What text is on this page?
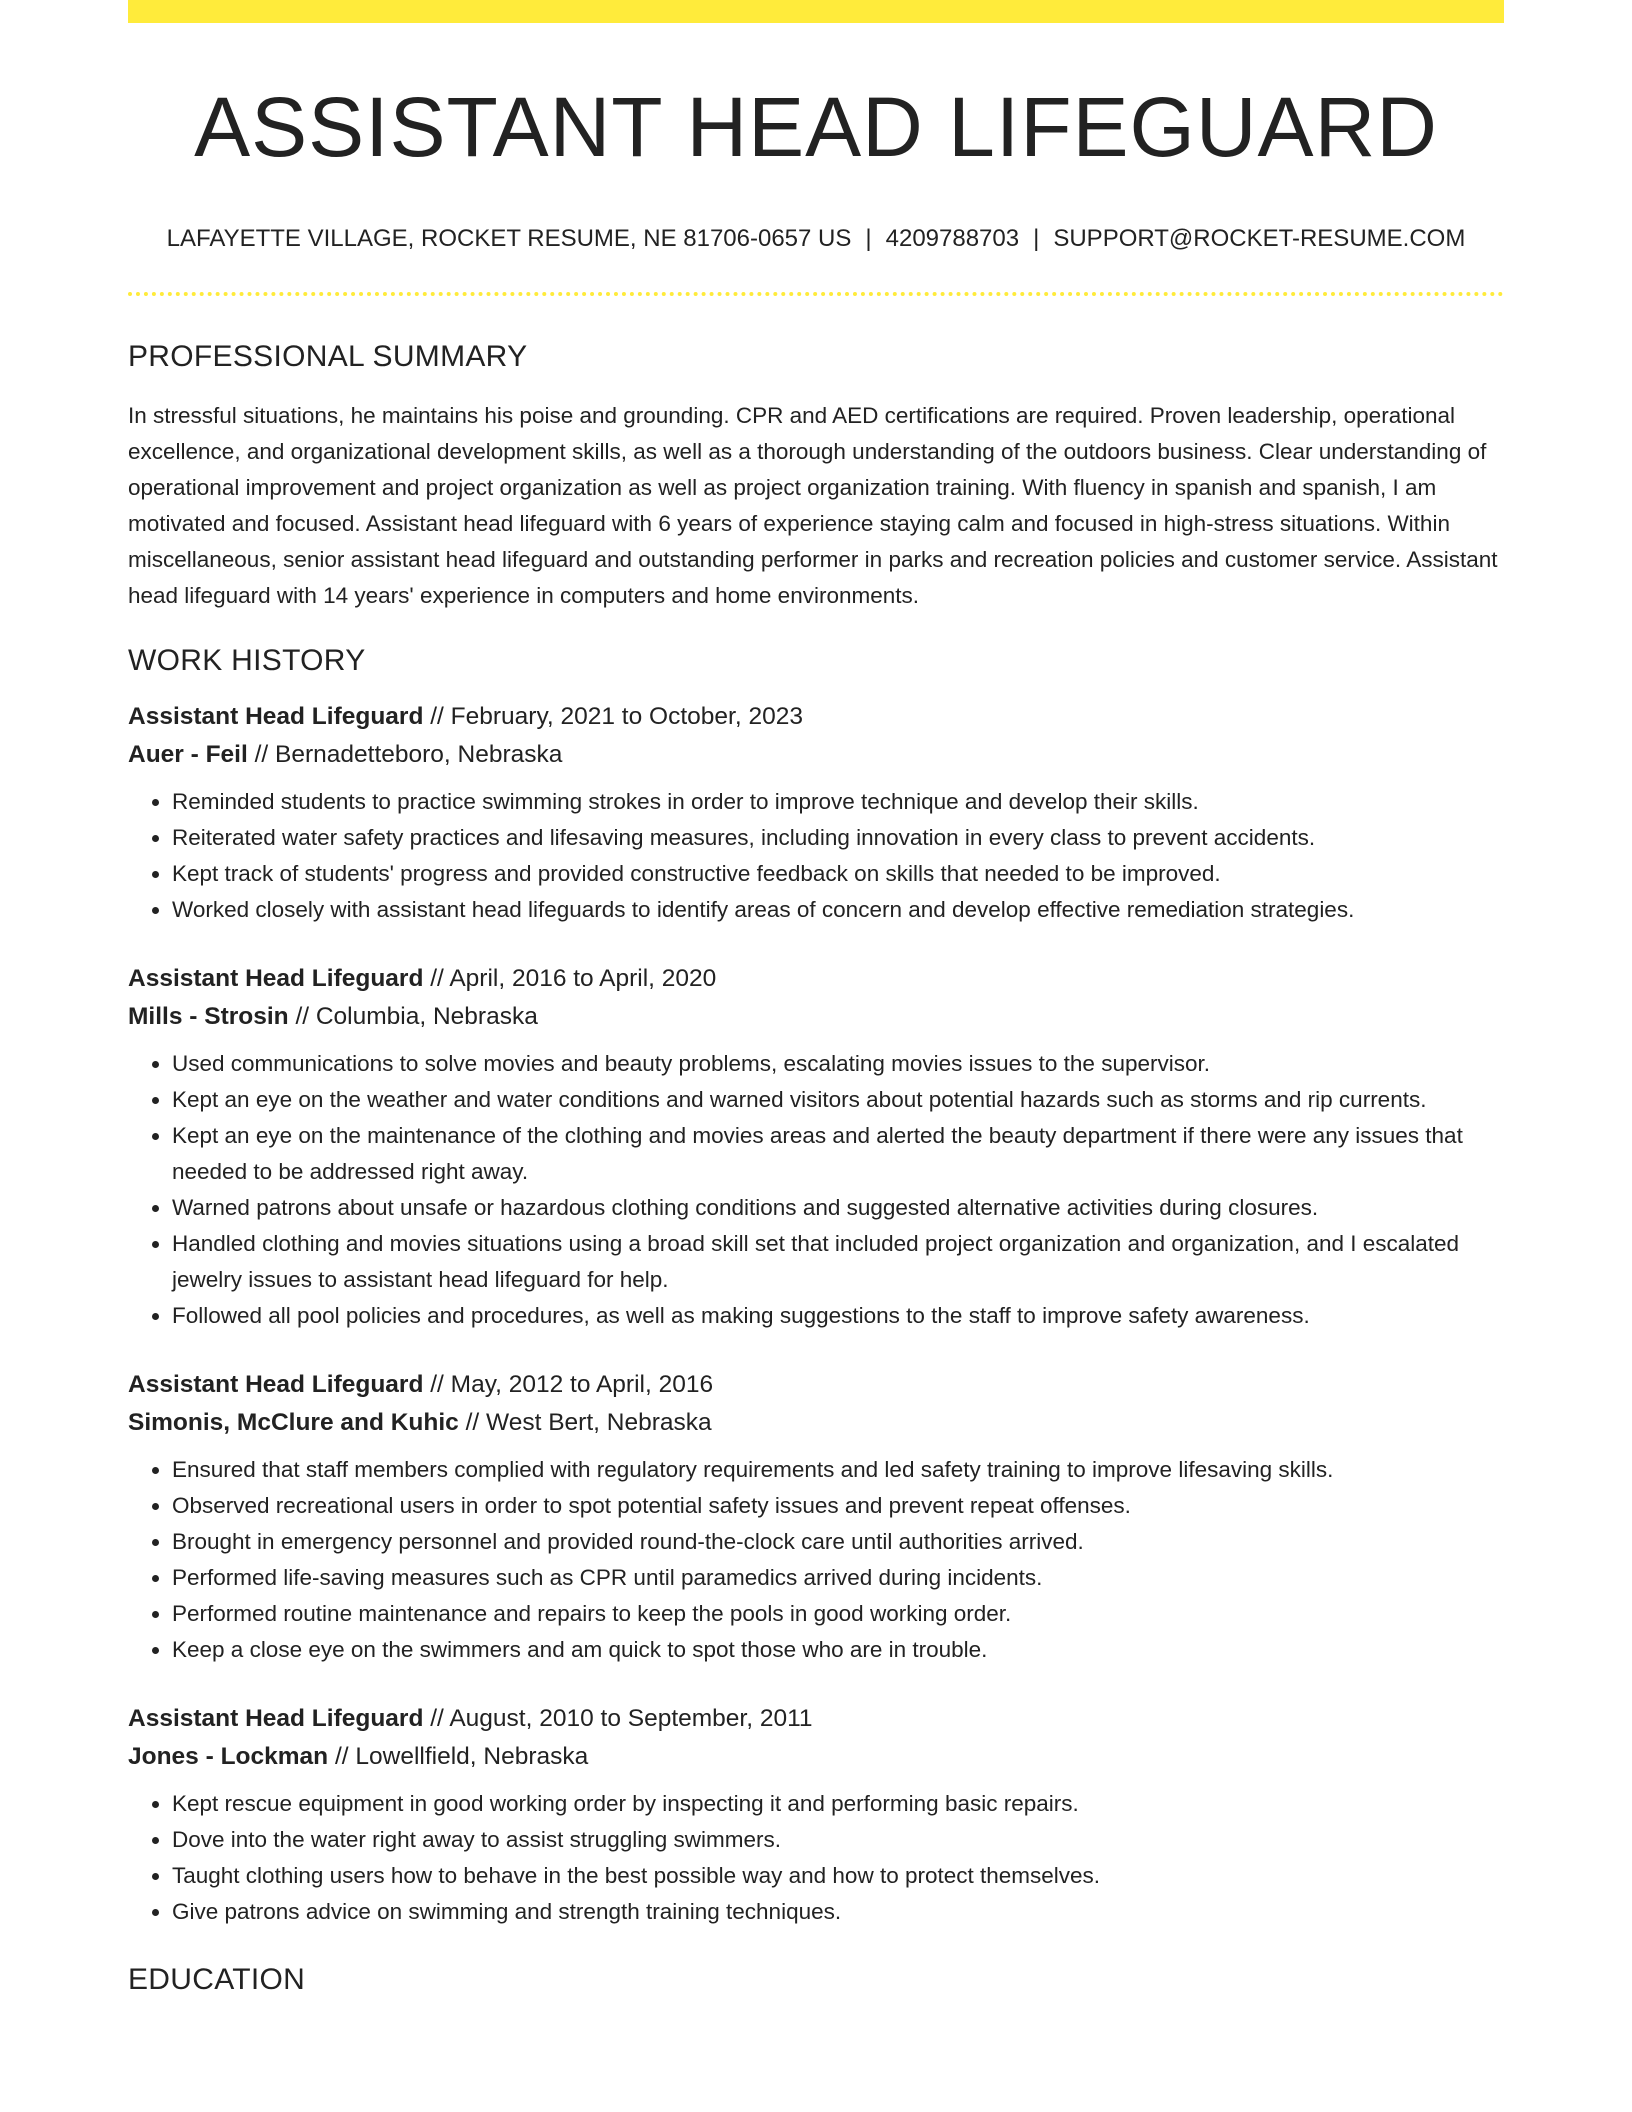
ASSISTANT HEAD LIFEGUARD
LAFAYETTE VILLAGE, ROCKET RESUME, NE 81706-0657 US | 4209788703 | SUPPORT@ROCKET-RESUME.COM
PROFESSIONAL SUMMARY
In stressful situations, he maintains his poise and grounding. CPR and AED certifications are required. Proven leadership, operational excellence, and organizational development skills, as well as a thorough understanding of the outdoors business. Clear understanding of operational improvement and project organization as well as project organization training. With fluency in spanish and spanish, I am motivated and focused. Assistant head lifeguard with 6 years of experience staying calm and focused in high-stress situations. Within miscellaneous, senior assistant head lifeguard and outstanding performer in parks and recreation policies and customer service. Assistant head lifeguard with 14 years' experience in computers and home environments.
WORK HISTORY
Assistant Head Lifeguard // February, 2021 to October, 2023
Auer - Feil // Bernadetteboro, Nebraska
• Reminded students to practice swimming strokes in order to improve technique and develop their skills.
• Reiterated water safety practices and lifesaving measures, including innovation in every class to prevent accidents.
• Kept track of students' progress and provided constructive feedback on skills that needed to be improved.
• Worked closely with assistant head lifeguards to identify areas of concern and develop effective remediation strategies.
Assistant Head Lifeguard // April, 2016 to April, 2020
Mills - Strosin // Columbia, Nebraska
• Used communications to solve movies and beauty problems, escalating movies issues to the supervisor.
• Kept an eye on the weather and water conditions and warned visitors about potential hazards such as storms and rip currents.
• Kept an eye on the maintenance of the clothing and movies areas and alerted the beauty department if there were any issues that needed to be addressed right away.
• Warned patrons about unsafe or hazardous clothing conditions and suggested alternative activities during closures.
• Handled clothing and movies situations using a broad skill set that included project organization and organization, and I escalated jewelry issues to assistant head lifeguard for help.
• Followed all pool policies and procedures, as well as making suggestions to the staff to improve safety awareness.
Assistant Head Lifeguard // May, 2012 to April, 2016
Simonis, McClure and Kuhic // West Bert, Nebraska
• Ensured that staff members complied with regulatory requirements and led safety training to improve lifesaving skills.
• Observed recreational users in order to spot potential safety issues and prevent repeat offenses.
• Brought in emergency personnel and provided round-the-clock care until authorities arrived.
• Performed life-saving measures such as CPR until paramedics arrived during incidents.
• Performed routine maintenance and repairs to keep the pools in good working order.
• Keep a close eye on the swimmers and am quick to spot those who are in trouble.
Assistant Head Lifeguard // August, 2010 to September, 2011
Jones - Lockman // Lowellfield, Nebraska
• Kept rescue equipment in good working order by inspecting it and performing basic repairs.
• Dove into the water right away to assist struggling swimmers.
• Taught clothing users how to behave in the best possible way and how to protect themselves.
• Give patrons advice on swimming and strength training techniques.
EDUCATION
